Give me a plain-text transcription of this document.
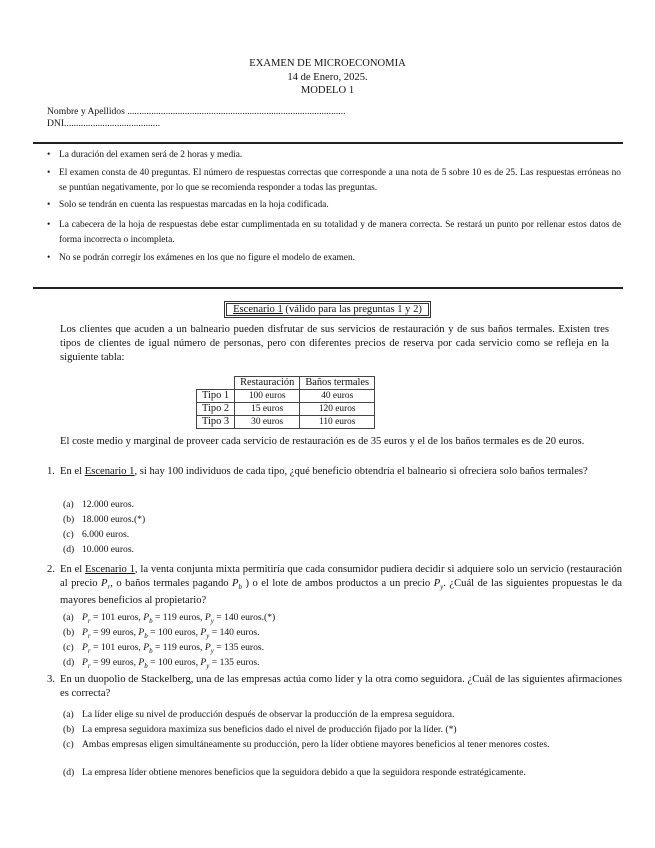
EXAMEN DE MICROECONOMIA
14 de Enero, 2025.
MODELO 1
Nombre y Apellidos ...........................................................................................
DNI........................................
• La duración del examen será de 2 horas y media.
• El examen consta de 40 preguntas. El número de respuestas correctas que corresponde a una nota de 5 sobre 10 es de 25. Las respuestas erróneas no se puntúan negativamente, por lo que se recomienda responder a todas las preguntas.
• Solo se tendrán en cuenta las respuestas marcadas en la hoja codificada.
• La cabecera de la hoja de respuestas debe estar cumplimentada en su totalidad y de manera correcta. Se restará un punto por rellenar estos datos de forma incorrecta o incompleta.
• No se podrán corregir los exámenes en los que no figure el modelo de examen.
Escenario 1 (válido para las preguntas 1 y 2)
Los clientes que acuden a un balneario pueden disfrutar de sus servicios de restauración y de sus baños termales. Existen tres tipos de clientes de igual número de personas, pero con diferentes precios de reserva por cada servicio como se refleja en la siguiente tabla:
	Restauración	Baños termales
Tipo 1	100 euros	40 euros
Tipo 2	15 euros	120 euros
Tipo 3	30 euros	110 euros
El coste medio y marginal de proveer cada servicio de restauración es de 35 euros y el de los baños termales es de 20 euros.
1. En el Escenario 1, si hay 100 individuos de cada tipo, ¿qué beneficio obtendría el balneario si ofreciera solo baños termales?
(a) 12.000 euros.
(b) 18.000 euros.(*)
(c) 6.000 euros.
(d) 10.000 euros.
2. En el Escenario 1, la venta conjunta mixta permitiría que cada consumidor pudiera decidir si adquiere solo un servicio (restauración al precio $P_r$, o baños termales pagando $P_b$ ) o el lote de ambos productos a un precio $P_y$. ¿Cuál de las siguientes propuestas le da mayores beneficios al propietario?
(a) $P_r = 101$ euros, $P_b = 119$ euros, $P_y = 140$ euros.(*)
(b) $P_r = 99$ euros, $P_b = 100$ euros, $P_y = 140$ euros.
(c) $P_r = 101$ euros, $P_b = 119$ euros, $P_y = 135$ euros.
(d) $P_r = 99$ euros, $P_b = 100$ euros, $P_y = 135$ euros.
3. En un duopolio de Stackelberg, una de las empresas actúa como líder y la otra como seguidora. ¿Cuál de las siguientes afirmaciones es correcta?
(a) La líder elige su nivel de producción después de observar la producción de la empresa seguidora.
(b) La empresa seguidora maximiza sus beneficios dado el nivel de producción fijado por la líder. (*)
(c) Ambas empresas eligen simultáneamente su producción, pero la líder obtiene mayores beneficios al tener menores costes.
(d) La empresa líder obtiene menores beneficios que la seguidora debido a que la seguidora responde estratégicamente.
